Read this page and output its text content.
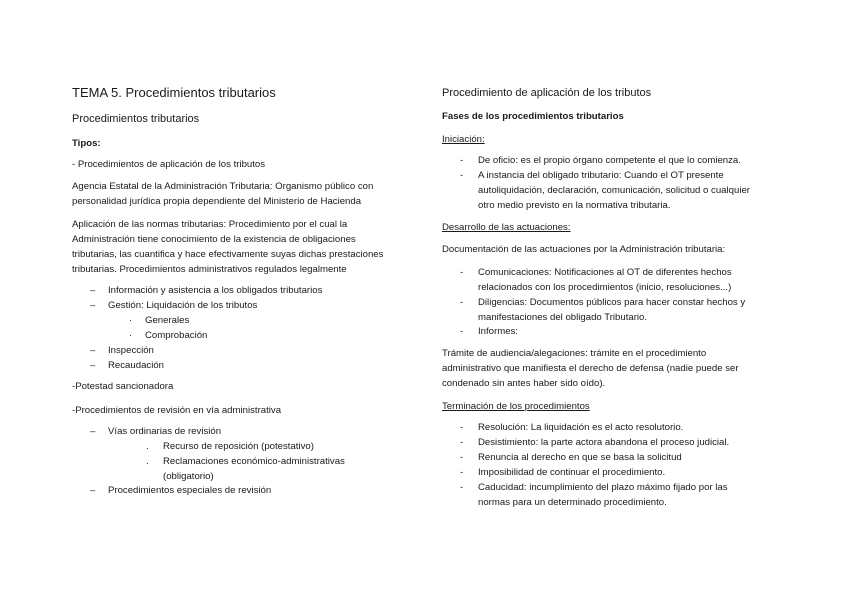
TEMA 5. Procedimientos tributarios
Procedimientos tributarios
Tipos:
- Procedimientos de aplicación de los tributos
Agencia Estatal de la Administración Tributaria: Organismo público con
personalidad jurídica propia dependiente del Ministerio de Hacienda
Aplicación de las normas tributarias: Procedimiento por el cual la
Administración tiene conocimiento de la existencia de obligaciones
tributarias, las cuantifica y hace efectivamente suyas dichas prestaciones
tributarias. Procedimientos administrativos regulados legalmente
– Información y asistencia a los obligados tributarios
– Gestión: Liquidación de los tributos
· Generales
· Comprobación
– Inspección
– Recaudación
-Potestad sancionadora
-Procedimientos de revisión en vía administrativa
– Vías ordinarias de revisión
. Recurso de reposición (potestativo)
. Reclamaciones económico-administrativas
(obligatorio)
– Procedimientos especiales de revisión
Procedimiento de aplicación de los tributos
Fases de los procedimientos tributarios
Iniciación:
- De oficio: es el propio órgano competente el que lo comienza.
- A instancia del obligado tributario: Cuando el OT presente
autoliquidación, declaración, comunicación, solicitud o cualquier
otro medio previsto en la normativa tributaria.
Desarrollo de las actuaciones:
Documentación de las actuaciones por la Administración tributaria:
- Comunicaciones: Notificaciones al OT de diferentes hechos
relacionados con los procedimientos (inicio, resoluciones...)
- Diligencias: Documentos públicos para hacer constar hechos y
manifestaciones del obligado Tributario.
- Informes:
Trámite de audiencia/alegaciones: trámite en el procedimiento
administrativo que manifiesta el derecho de defensa (nadie puede ser
condenado sin antes haber sido oído).
Terminación de los procedimientos
- Resolución: La liquidación es el acto resolutorio.
- Desistimiento: la parte actora abandona el proceso judicial.
- Renuncia al derecho en que se basa la solicitud
- Imposibilidad de continuar el procedimiento.
- Caducidad: incumplimiento del plazo máximo fijado por las
normas para un determinado procedimiento.
